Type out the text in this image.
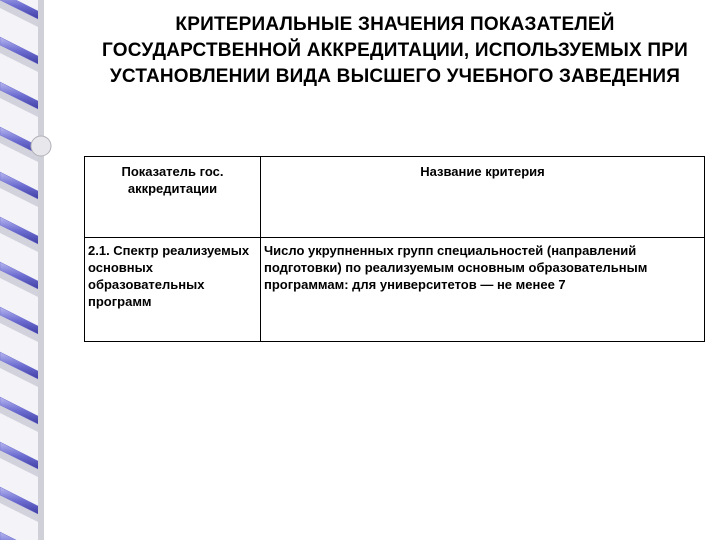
КРИТЕРИАЛЬНЫЕ ЗНАЧЕНИЯ ПОКАЗАТЕЛЕЙ ГОСУДАРСТВЕННОЙ АККРЕДИТАЦИИ, ИСПОЛЬЗУЕМЫХ ПРИ УСТАНОВЛЕНИИ ВИДА ВЫСШЕГО УЧЕБНОГО ЗАВЕДЕНИЯ
Показатель гос. аккредитации	Название критерия
2.1. Спектр реализуемых основных образовательных программ	Число укрупненных групп специальностей (направлений подготовки) по реализуемым основным образовательным программам: для университетов — не менее 7
